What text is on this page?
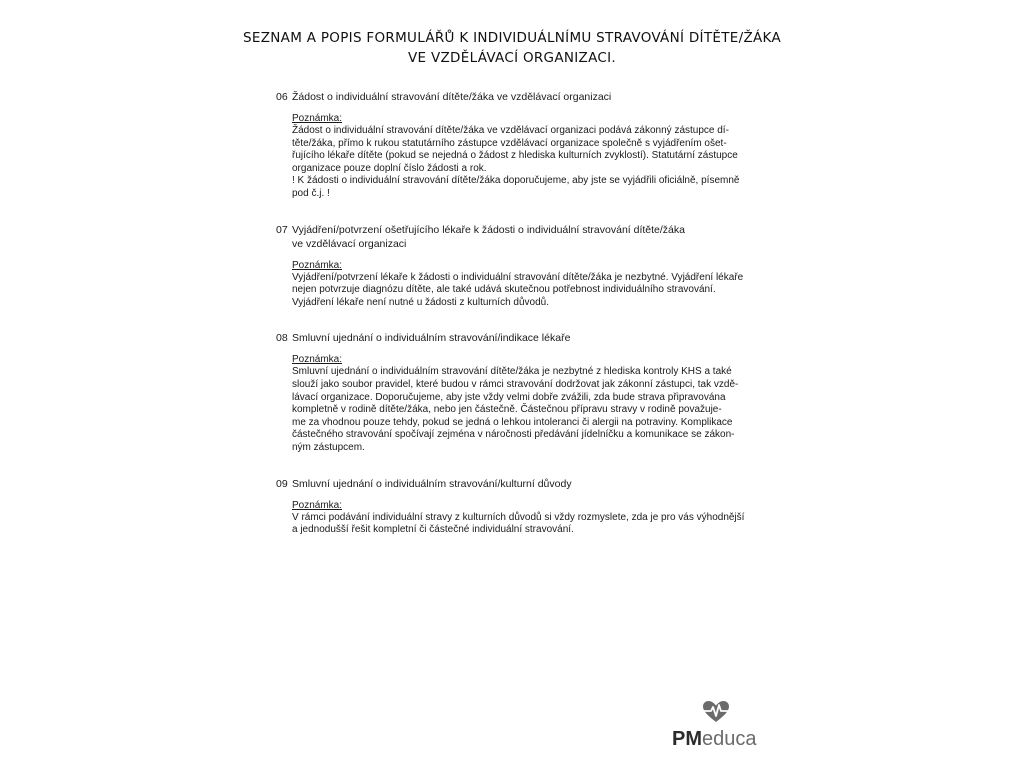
SEZNAM A POPIS FORMULÁŘŮ K INDIVIDUÁLNÍMU STRAVOVÁNÍ DÍTĚTE/ŽÁKA
VE VZDĚLÁVACÍ ORGANIZACI.
06 Žádost o individuální stravování dítěte/žáka ve vzdělávací organizaci
Poznámka:
Žádost o individuální stravování dítěte/žáka ve vzdělávací organizaci podává zákonný zástupce dí-
těte/žáka, přímo k rukou statutárního zástupce vzdělávací organizace společně s vyjádřením ošet-
řujícího lékaře dítěte (pokud se nejedná o žádost z hlediska kulturních zvyklostí). Statutární zástupce
organizace pouze doplní číslo žádosti a rok.
! K žádosti o individuální stravování dítěte/žáka doporučujeme, aby jste se vyjádřili oficiálně, písemně
pod č.j. !
07 Vyjádření/potvrzení ošetřujícího lékaře k žádosti o individuální stravování dítěte/žáka
ve vzdělávací organizaci
Poznámka:
Vyjádření/potvrzení lékaře k žádosti o individuální stravování dítěte/žáka je nezbytné. Vyjádření lékaře
nejen potvrzuje diagnózu dítěte, ale také udává skutečnou potřebnost individuálního stravování.
Vyjádření lékaře není nutné u žádosti z kulturních důvodů.
08 Smluvní ujednání o individuálním stravování/indikace lékaře
Poznámka:
Smluvní ujednání o individuálním stravování dítěte/žáka je nezbytné z hlediska kontroly KHS a také
slouží jako soubor pravidel, které budou v rámci stravování dodržovat jak zákonní zástupci, tak vzdě-
lávací organizace. Doporučujeme, aby jste vždy velmi dobře zvážili, zda bude strava připravována
kompletně v rodině dítěte/žáka, nebo jen částečně. Částečnou přípravu stravy v rodině považuje-
me za vhodnou pouze tehdy, pokud se jedná o lehkou intoleranci či alergii na potraviny. Komplikace
částečného stravování spočívají zejména v náročnosti předávání jídelníčku a komunikace se zákon-
ným zástupcem.
09 Smluvní ujednání o individuálním stravování/kulturní důvody
Poznámka:
V rámci podávání individuální stravy z kulturních důvodů si vždy rozmyslete, zda je pro vás výhodnější
a jednodušší řešit kompletní či částečné individuální stravování.
PMeduca
